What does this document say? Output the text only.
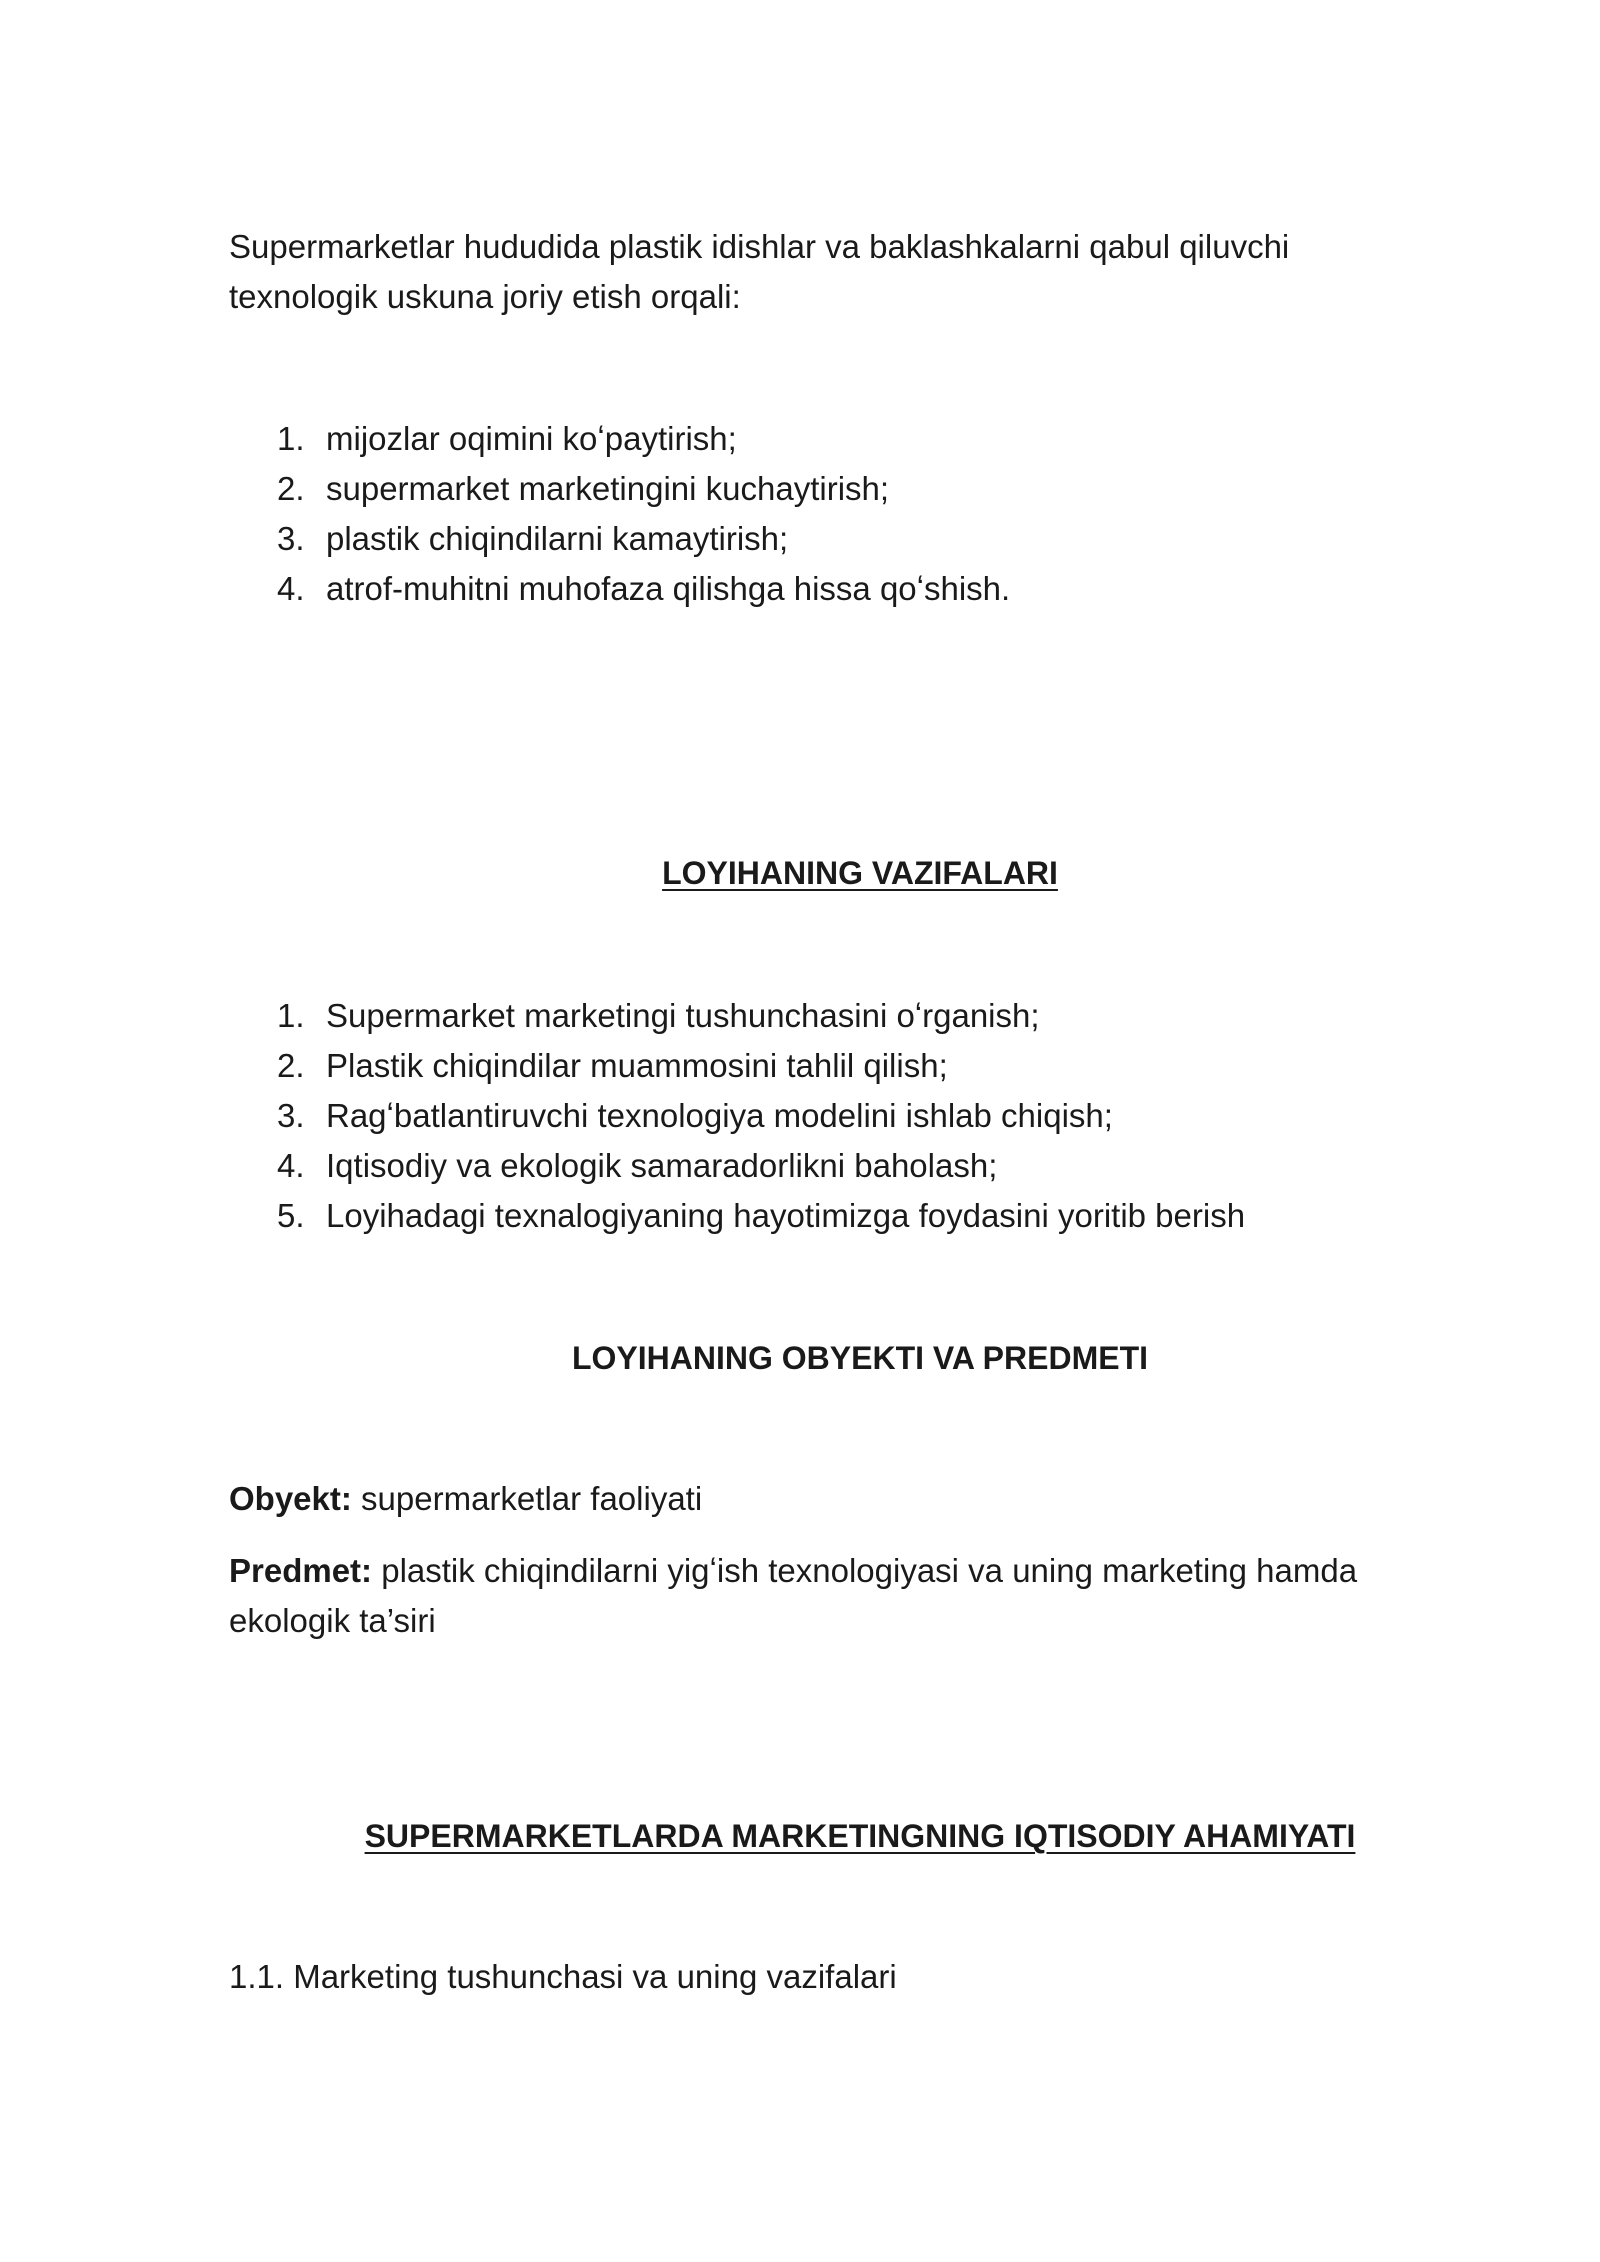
Supermarketlar hududida plastik idishlar va baklashkalarni qabul qiluvchi
texnologik uskuna joriy etish orqali:
1. mijozlar oqimini koʻpaytirish;
2. supermarket marketingini kuchaytirish;
3. plastik chiqindilarni kamaytirish;
4. atrof-muhitni muhofaza qilishga hissa qoʻshish.
LOYIHANING VAZIFALARI
1. Supermarket marketingi tushunchasini oʻrganish;
2. Plastik chiqindilar muammosini tahlil qilish;
3. Ragʻbatlantiruvchi texnologiya modelini ishlab chiqish;
4. Iqtisodiy va ekologik samaradorlikni baholash;
5. Loyihadagi texnalogiyaning hayotimizga foydasini yoritib berish
LOYIHANING OBYEKTI VA PREDMETI
Obyekt: supermarketlar faoliyati
Predmet: plastik chiqindilarni yigʻish texnologiyasi va uning marketing hamda
ekologik ta’siri
SUPERMARKETLARDA MARKETINGNING IQTISODIY AHAMIYATI
1.1. Marketing tushunchasi va uning vazifalari
